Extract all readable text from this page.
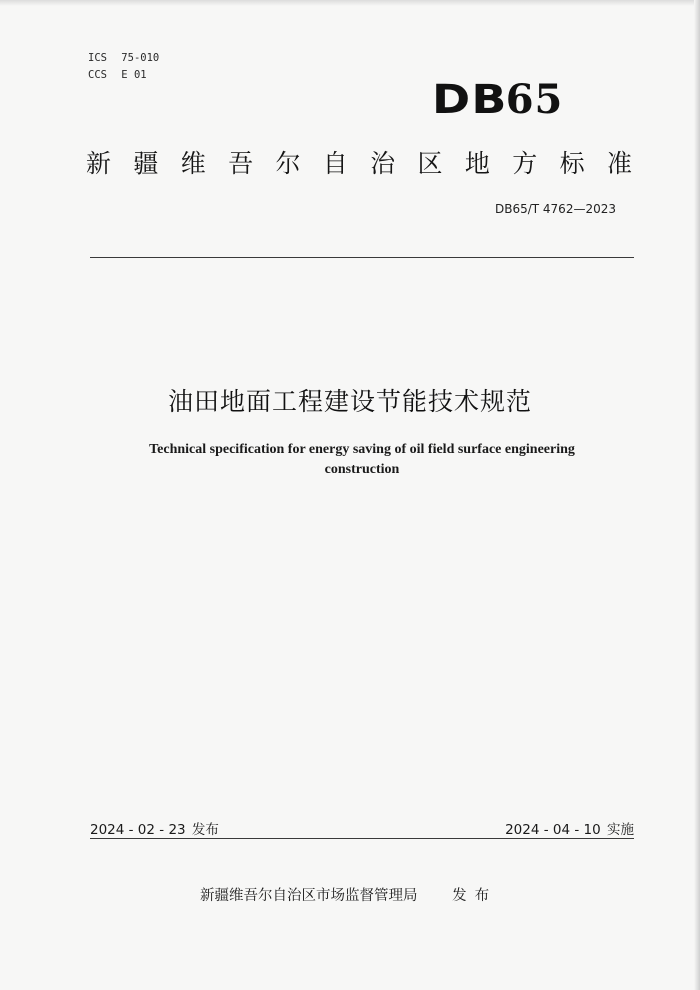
ICS 75-010
CCS E 01
DB65
新 疆 维 吾 尔 自 治 区 地 方 标 准
DB65/T 4762—2023
油田地面工程建设节能技术规范
Technical specification for energy saving of oil field surface engineering
construction
2024 - 02 - 23 发布	2024 - 04 - 10 实施
新疆维吾尔自治区市场监督管理局 发布
